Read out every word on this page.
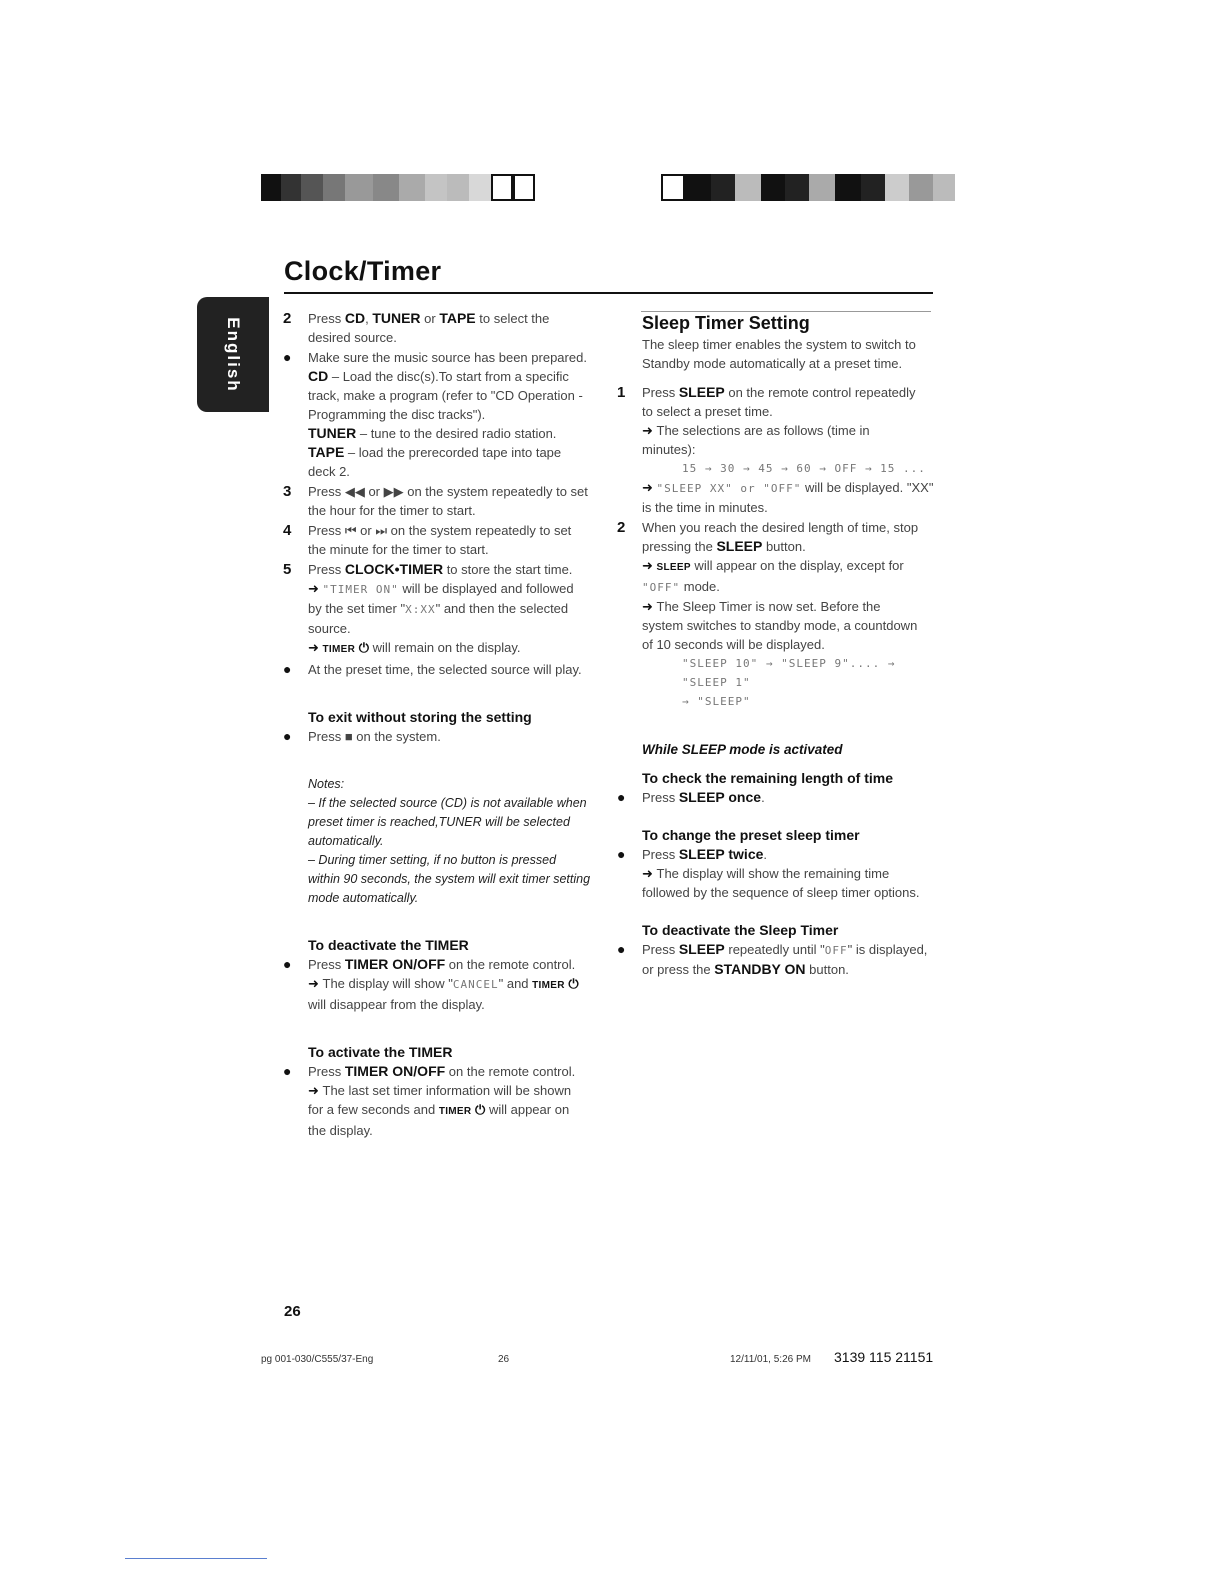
Clock/Timer
English	2 Press CD, TUNER or TAPE to select the
desired source.
● Make sure the music source has been prepared.
CD – Load the disc(s).To start from a specific
track, make a program (refer to "CD Operation -
Programming the disc tracks").
TUNER – tune to the desired radio station.
TAPE – load the prerecorded tape into tape
deck 2.
3 Press ◀◀ or ▶▶ on the system repeatedly to set
the hour for the timer to start.
4 Press ⏮ or ⏭ on the system repeatedly to set
the minute for the timer to start.
5 Press CLOCK•TIMER to store the start time.
➜ "TIMER ON" will be displayed and followed
by the set timer "X:XX" and then the selected
source.
➜ TIMER ⏻ will remain on the display.
● At the preset time, the selected source will play.
To exit without storing the setting
● Press ■ on the system.
Notes:
– If the selected source (CD) is not available when
preset timer is reached,TUNER will be selected
automatically.
– During timer setting, if no button is pressed
within 90 seconds, the system will exit timer setting
mode automatically.
To deactivate the TIMER
● Press TIMER ON/OFF on the remote control.
➜ The display will show "CANCEL" and TIMER ⏻
will disappear from the display.
To activate the TIMER
● Press TIMER ON/OFF on the remote control.
➜ The last set timer information will be shown
for a few seconds and TIMER ⏻ will appear on
the display.
Sleep Timer Setting
The sleep timer enables the system to switch to
Standby mode automatically at a preset time.
1 Press SLEEP on the remote control repeatedly
to select a preset time.
➜ The selections are as follows (time in
minutes):
15 → 30 → 45 → 60 → OFF → 15 ...
➜ "SLEEP XX" or "OFF" will be displayed. "XX"
is the time in minutes.
2 When you reach the desired length of time, stop
pressing the SLEEP button.
➜ SLEEP will appear on the display, except for
"OFF" mode.
➜ The Sleep Timer is now set. Before the
system switches to standby mode, a countdown
of 10 seconds will be displayed.
"SLEEP 10" → "SLEEP 9".... → "SLEEP 1"
→ "SLEEP"
While SLEEP mode is activated
To check the remaining length of time
● Press SLEEP once.
To change the preset sleep timer
● Press SLEEP twice.
➜ The display will show the remaining time
followed by the sequence of sleep timer options.
To deactivate the Sleep Timer
● Press SLEEP repeatedly until "OFF" is displayed,
or press the STANDBY ON button.
26
pg 001-030/C555/37-Eng	26	12/11/01, 5:26 PM 3139 115 21151
